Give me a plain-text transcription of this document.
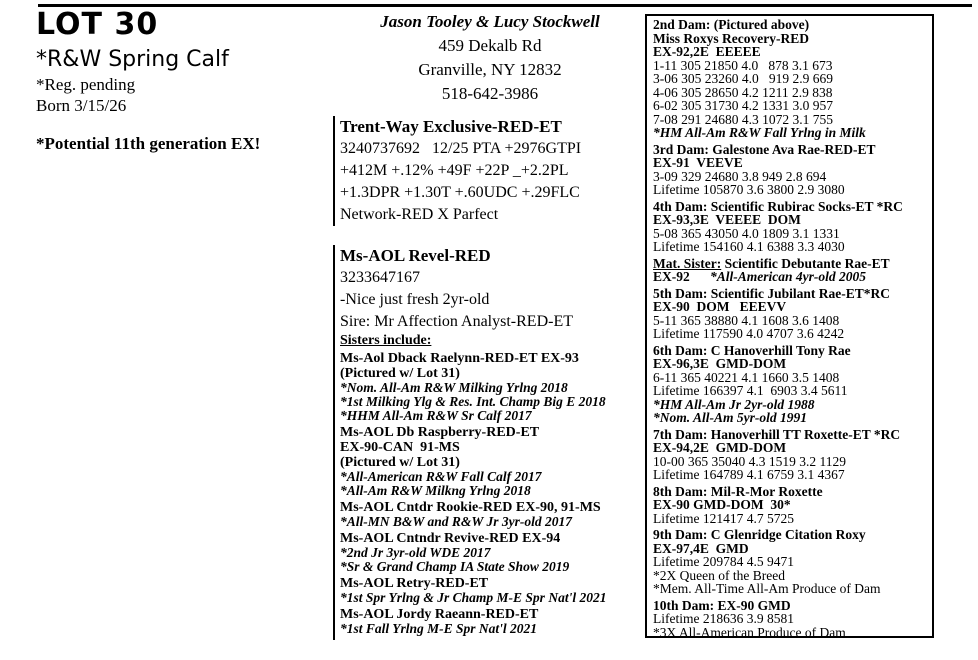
LOT 30
*R&W Spring Calf
*Reg. pending
Born 3/15/26
*Potential 11th generation EX!
Jason Tooley & Lucy Stockwell
459 Dekalb Rd
Granville, NY 12832
518-642-3986
Trent-Way Exclusive-RED-ET
3240737692   12/25 PTA +2976GTPI
+412M +.12% +49F +22P _+2.2PL
+1.3DPR +1.30T +.60UDC +.29FLC
Network-RED X Parfect
Ms-AOL Revel-RED
3233647167
-Nice just fresh 2yr-old
Sire: Mr Affection Analyst-RED-ET
Sisters include:
Ms-Aol Dback Raelynn-RED-ET EX-93
(Pictured w/ Lot 31)
*Nom. All-Am R&W Milking Yrlng 2018
*1st Milking Ylg & Res. Int. Champ Big E 2018
*HHM All-Am R&W Sr Calf 2017
Ms-AOL Db Raspberry-RED-ET
EX-90-CAN  91-MS
(Pictured w/ Lot 31)
*All-American R&W Fall Calf 2017
*All-Am R&W Milkng Yrlng 2018
Ms-AOL Cntdr Rookie-RED EX-90, 91-MS
*All-MN B&W and R&W Jr 3yr-old 2017
Ms-AOL Cntndr Revive-RED EX-94
*2nd Jr 3yr-old WDE 2017
*Sr & Grand Champ IA State Show 2019
Ms-AOL Retry-RED-ET
*1st Spr Yrlng & Jr Champ M-E Spr Nat'l 2021
Ms-AOL Jordy Raeann-RED-ET
*1st Fall Yrlng M-E Spr Nat'l 2021
2nd Dam: (Pictured above)
Miss Roxys Recovery-RED
EX-92,2E  EEEEE
1-11 305 21850 4.0   878 3.1 673
3-06 305 23260 4.0   919 2.9 669
4-06 305 28650 4.2 1211 2.9 838
6-02 305 31730 4.2 1331 3.0 957
7-08 291 24680 4.3 1072 3.1 755
*HM All-Am R&W Fall Yrlng in Milk
3rd Dam: Galestone Ava Rae-RED-ET
EX-91  VEEVE
3-09 329 24680 3.8 949 2.8 694
Lifetime 105870 3.6 3800 2.9 3080
4th Dam: Scientific Rubirac Socks-ET *RC
EX-93,3E  VEEEE  DOM
5-08 365 43050 4.0 1809 3.1 1331
Lifetime 154160 4.1 6388 3.3 4030
Mat. Sister: Scientific Debutante Rae-ET
EX-92      *All-American 4yr-old 2005
5th Dam: Scientific Jubilant Rae-ET*RC
EX-90  DOM   EEEVV
5-11 365 38880 4.1 1608 3.6 1408
Lifetime 117590 4.0 4707 3.6 4242
6th Dam: C Hanoverhill Tony Rae
EX-96,3E  GMD-DOM
6-11 365 40221 4.1 1660 3.5 1408
Lifetime 166397 4.1  6903 3.4 5611
*HM All-Am Jr 2yr-old 1988
*Nom. All-Am 5yr-old 1991
7th Dam: Hanoverhill TT Roxette-ET *RC
EX-94,2E  GMD-DOM
10-00 365 35040 4.3 1519 3.2 1129
Lifetime 164789 4.1 6759 3.1 4367
8th Dam: Mil-R-Mor Roxette
EX-90 GMD-DOM  30*
Lifetime 121417 4.7 5725
9th Dam: C Glenridge Citation Roxy
EX-97,4E  GMD
Lifetime 209784 4.5 9471
*2X Queen of the Breed
*Mem. All-Time All-Am Produce of Dam
10th Dam: EX-90 GMD
Lifetime 218636 3.9 8581
*3X All-American Produce of Dam
